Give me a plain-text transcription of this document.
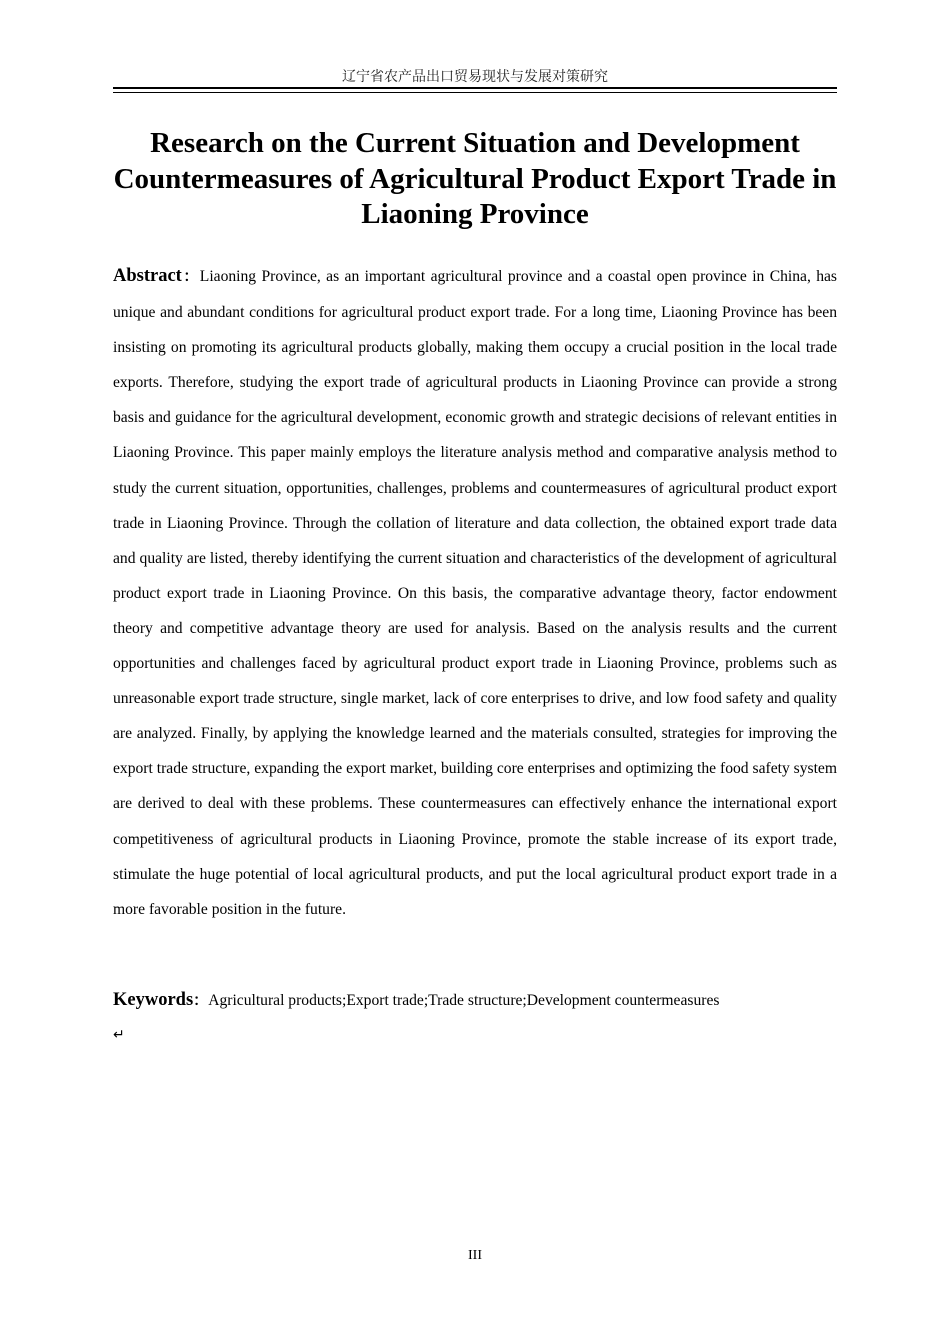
辽宁省农产品出口贸易现状与发展对策研究
Research on the Current Situation and Development Countermeasures of Agricultural Product Export Trade in Liaoning Province

Abstract：Liaoning Province, as an important agricultural province and a coastal open province in China, has unique and abundant conditions for agricultural product export trade. For a long time, Liaoning Province has been insisting on promoting its agricultural products globally, making them occupy a crucial position in the local trade exports. Therefore, studying the export trade of agricultural products in Liaoning Province can provide a strong basis and guidance for the agricultural development, economic growth and strategic decisions of relevant entities in Liaoning Province. This paper mainly employs the literature analysis method and comparative analysis method to study the current situation, opportunities, challenges, problems and countermeasures of agricultural product export trade in Liaoning Province. Through the collation of literature and data collection, the obtained export trade data and quality are listed, thereby identifying the current situation and characteristics of the development of agricultural product export trade in Liaoning Province. On this basis, the comparative advantage theory, factor endowment theory and competitive advantage theory are used for analysis. Based on the analysis results and the current opportunities and challenges faced by agricultural product export trade in Liaoning Province, problems such as unreasonable export trade structure, single market, lack of core enterprises to drive, and low food safety and quality are analyzed. Finally, by applying the knowledge learned and the materials consulted, strategies for improving the export trade structure, expanding the export market, building core enterprises and optimizing the food safety system are derived to deal with these problems. These countermeasures can effectively enhance the international export competitiveness of agricultural products in Liaoning Province, promote the stable increase of its export trade, stimulate the huge potential of local agricultural products, and put the local agricultural product export trade in a more favorable position in the future.

Keywords：Agricultural products;Export trade;Trade structure;Development countermeasures

↵
III
